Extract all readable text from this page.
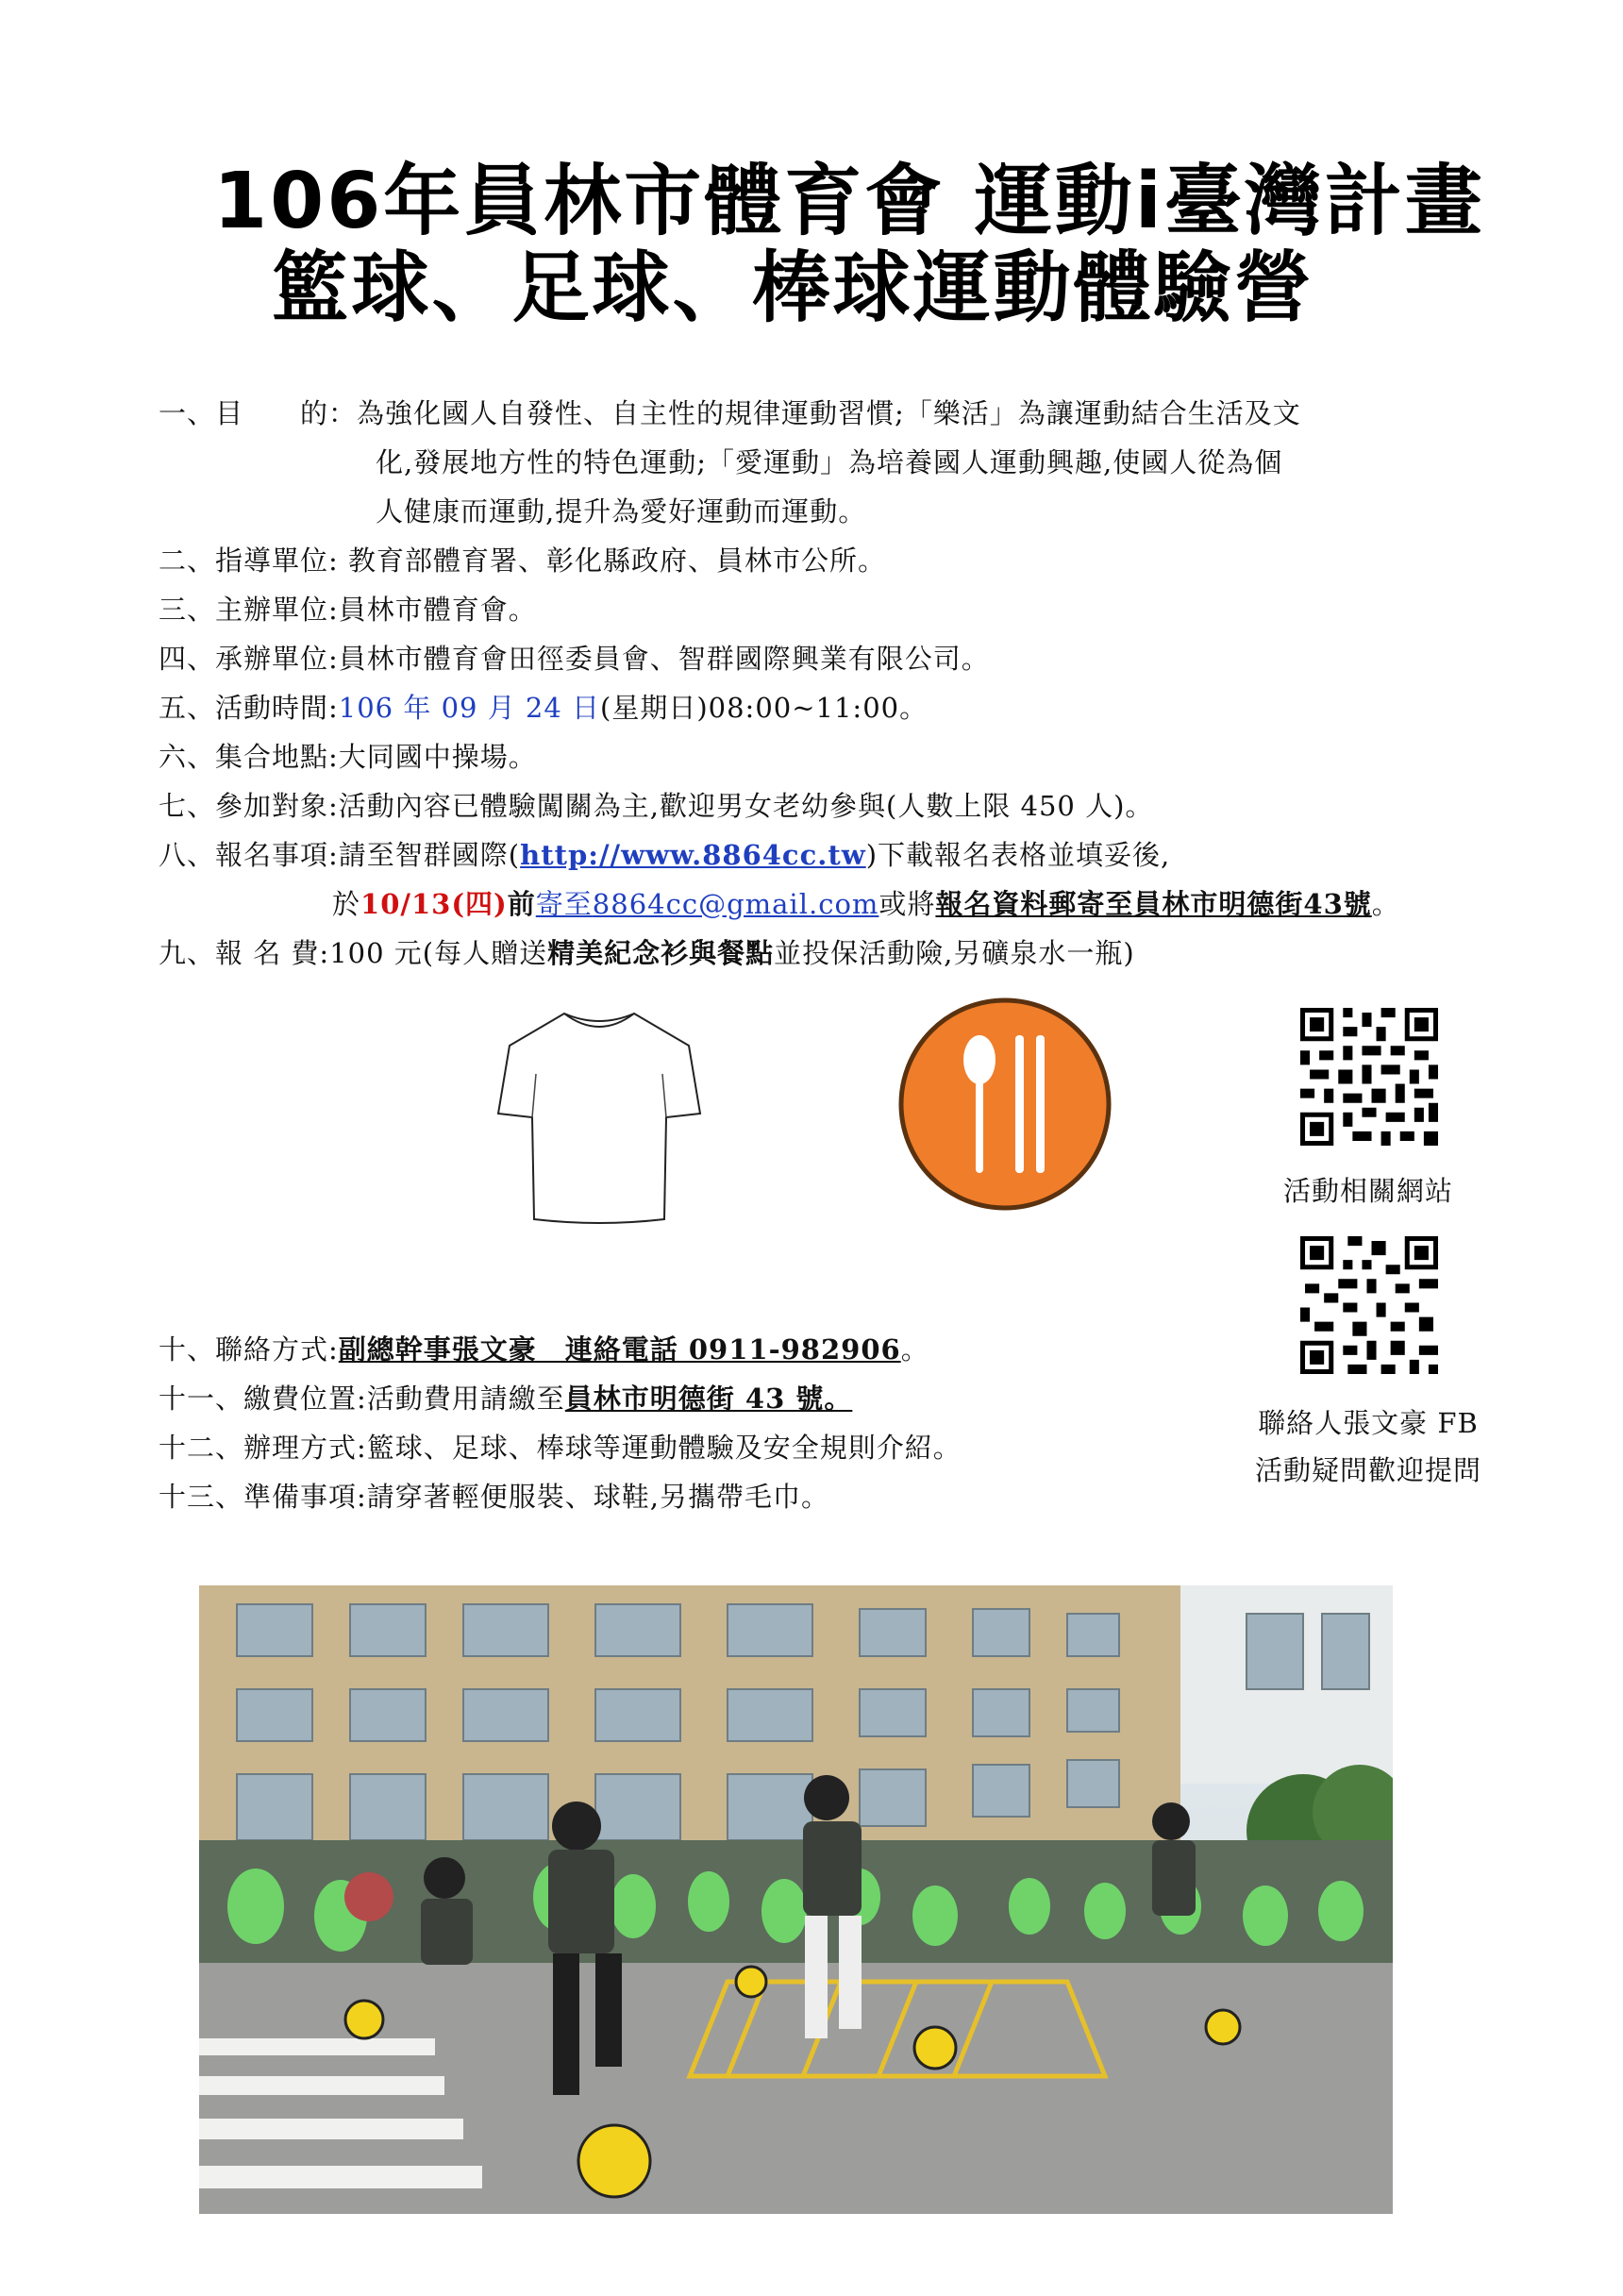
106年員林市體育會 運動i臺灣計畫
籃球、足球、棒球運動體驗營
一、目　　的：為強化國人自發性、自主性的規律運動習慣;「樂活」為讓運動結合生活及文
化,發展地方性的特色運動;「愛運動」為培養國人運動興趣,使國人從為個
人健康而運動,提升為愛好運動而運動。
二、指導單位: 教育部體育署、彰化縣政府、員林市公所。
三、主辦單位:員林市體育會。
四、承辦單位:員林市體育會田徑委員會、智群國際興業有限公司。
五、活動時間:106 年 09 月 24 日(星期日)08:00~11:00。
六、集合地點:大同國中操場。
七、參加對象:活動內容已體驗闖關為主,歡迎男女老幼參與(人數上限 450 人)。
八、報名事項:請至智群國際(http://www.8864cc.tw)下載報名表格並填妥後,
於10/13(四)前寄至8864cc@gmail.com或將報名資料郵寄至員林市明德街43號。
九、報 名 費:100 元(每人贈送精美紀念衫與餐點並投保活動險,另礦泉水一瓶)
活動相關網站
聯絡人張文豪 FB
活動疑問歡迎提問
十、聯絡方式:副總幹事張文豪　連絡電話 0911-982906。
十一、繳費位置:活動費用請繳至員林市明德街 43 號。
十二、辦理方式:籃球、足球、棒球等運動體驗及安全規則介紹。
十三、準備事項:請穿著輕便服裝、球鞋,另攜帶毛巾。
